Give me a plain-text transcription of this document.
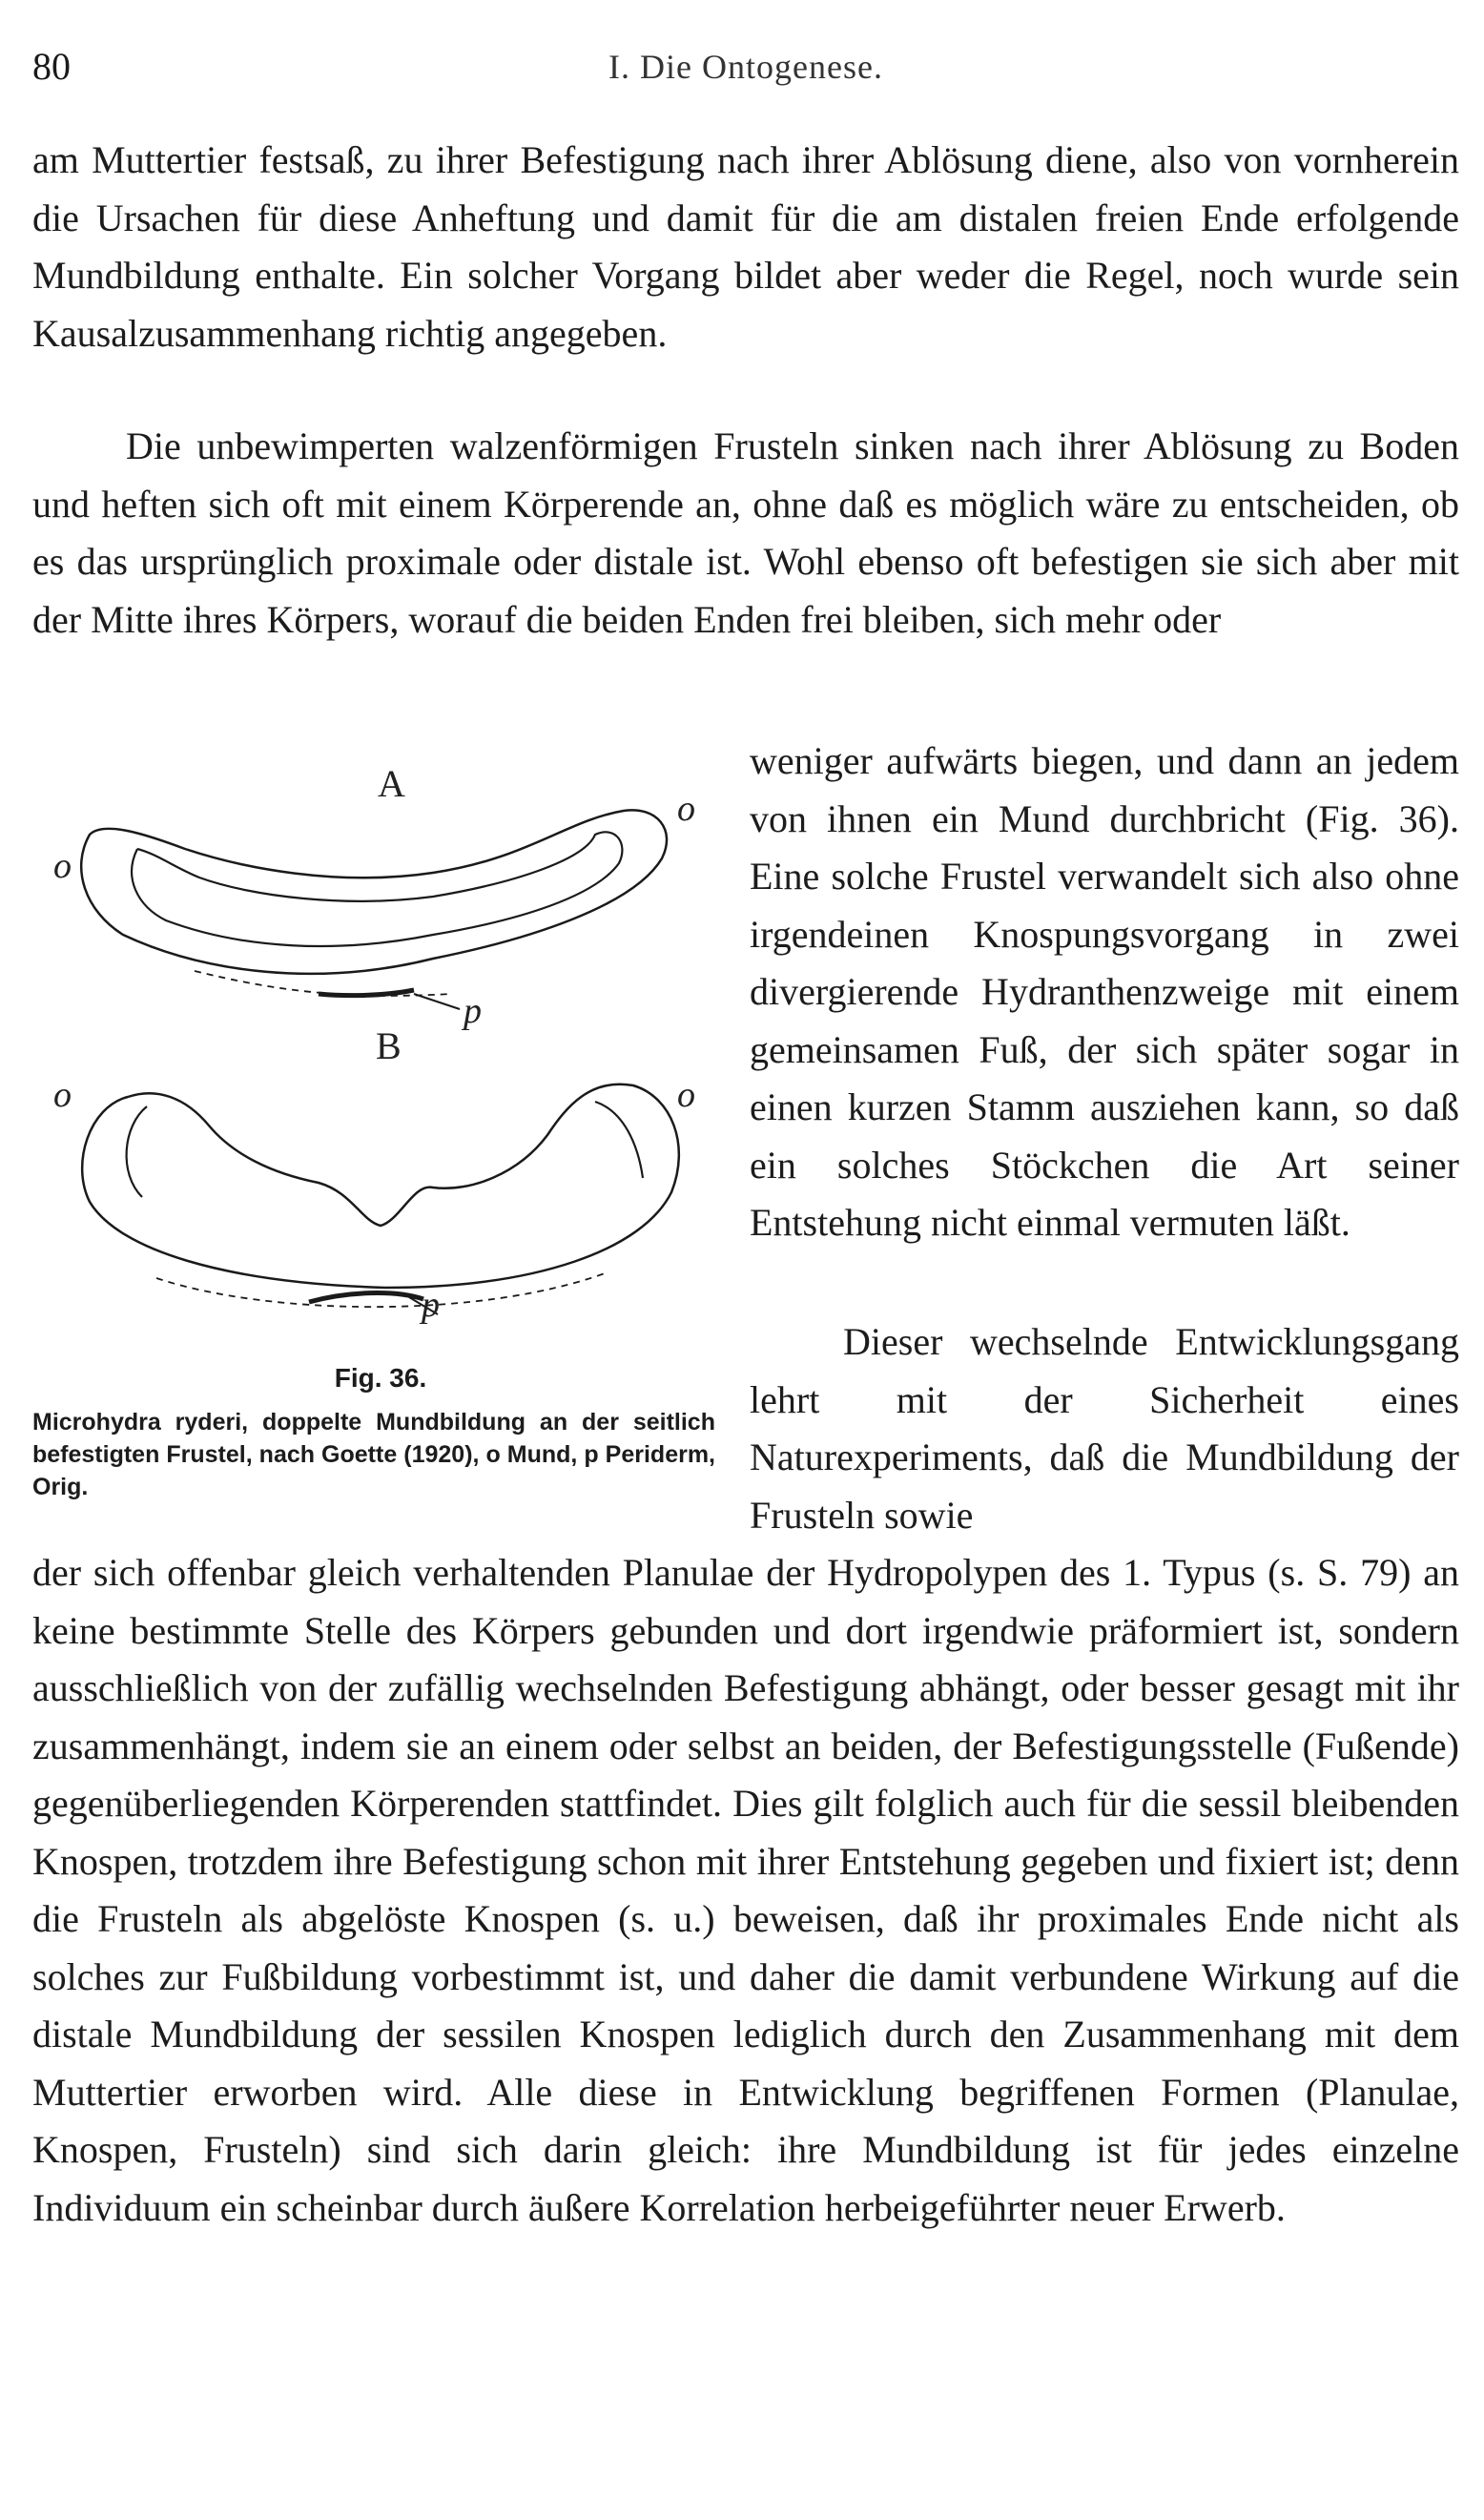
80	I. Die Ontogenese.

am Muttertier festsaß, zu ihrer Befestigung nach ihrer Ablösung diene, also von vornherein die Ursachen für diese Anheftung und damit für die am distalen freien Ende erfolgende Mundbildung enthalte. Ein solcher Vorgang bildet aber weder die Regel, noch wurde sein Kausalzusammenhang richtig angegeben.

Die unbewimperten walzenförmigen Frusteln sinken nach ihrer Ablösung zu Boden und heften sich oft mit einem Körperende an, ohne daß es möglich wäre zu entscheiden, ob es das ursprünglich proximale oder distale ist. Wohl ebenso oft befestigen sie sich aber mit der Mitte ihres Körpers, worauf die beiden Enden frei bleiben, sich mehr oder

weniger aufwärts biegen, und dann an jedem von ihnen ein Mund durchbricht (Fig. 36). Eine solche Frustel verwandelt sich also ohne irgendeinen Knospungsvorgang in zwei divergierende Hydranthenzweige mit einem gemeinsamen Fuß, der sich später sogar in einen kurzen Stamm ausziehen kann, so daß ein solches Stöckchen die Art seiner Entstehung nicht einmal vermuten läßt.

A
o
o
p
B
o	o
p
Fig. 36.

Microhydra ryderi, doppelte Mundbildung an der seitlich befestigten Frustel, nach Goette (1920), o Mund, p Periderm, Orig.

Dieser wechselnde Entwicklungsgang lehrt mit der Sicherheit eines Naturexperiments, daß die Mundbildung der Frusteln sowie

der sich offenbar gleich verhaltenden Planulae der Hydropolypen des 1. Typus (s. S. 79) an keine bestimmte Stelle des Körpers gebunden und dort irgendwie präformiert ist, sondern ausschließlich von der zufällig wechselnden Befestigung abhängt, oder besser gesagt mit ihr zusammenhängt, indem sie an einem oder selbst an beiden, der Befestigungsstelle (Fußende) gegenüberliegenden Körperenden stattfindet. Dies gilt folglich auch für die sessil bleibenden Knospen, trotzdem ihre Befestigung schon mit ihrer Entstehung gegeben und fixiert ist; denn die Frusteln als abgelöste Knospen (s. u.) beweisen, daß ihr proximales Ende nicht als solches zur Fußbildung vorbestimmt ist, und daher die damit verbundene Wirkung auf die distale Mundbildung der sessilen Knospen lediglich durch den Zusammenhang mit dem Muttertier erworben wird. Alle diese in Entwicklung begriffenen Formen (Planulae, Knospen, Frusteln) sind sich darin gleich: ihre Mundbildung ist für jedes einzelne Individuum ein scheinbar durch äußere Korrelation herbeigeführter neuer Erwerb.
